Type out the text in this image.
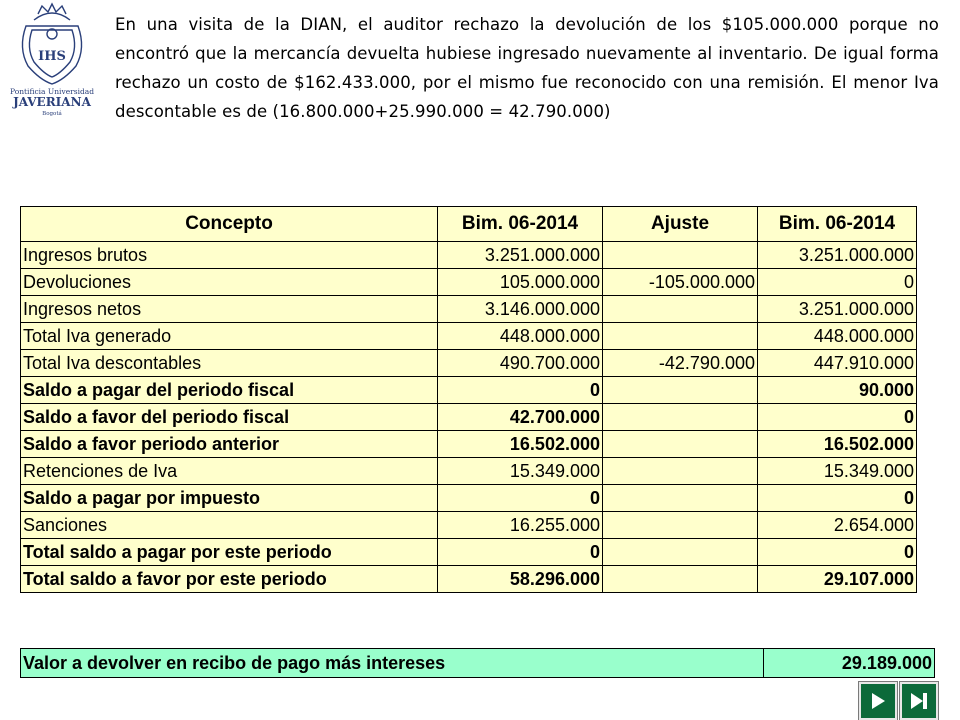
IHS
Pontificia Universidad
JAVERIANA
Bogotá
En una visita de la DIAN, el auditor rechazo la devolución de los $105.000.000 porque no encontró que la mercancía devuelta hubiese ingresado nuevamente al inventario. De igual forma rechazo un costo de $162.433.000, por el mismo fue reconocido con una remisión. El menor Iva descontable es de (16.800.000+25.990.000 = 42.790.000)
Concepto	Bim. 06-2014	Ajuste	Bim. 06-2014
Ingresos brutos	3.251.000.000		3.251.000.000
Devoluciones	105.000.000	-105.000.000	0
Ingresos netos	3.146.000.000		3.251.000.000
Total Iva generado	448.000.000		448.000.000
Total Iva descontables	490.700.000	-42.790.000	447.910.000
Saldo a pagar del periodo fiscal	0		90.000
Saldo a favor del periodo fiscal	42.700.000		0
Saldo a favor periodo anterior	16.502.000		16.502.000
Retenciones de Iva	15.349.000		15.349.000
Saldo a pagar por impuesto	0		0
Sanciones	16.255.000		2.654.000
Total saldo a pagar por este periodo	0		0
Total saldo a favor por este periodo	58.296.000		29.107.000
Valor a devolver en recibo de pago más intereses	29.189.000
